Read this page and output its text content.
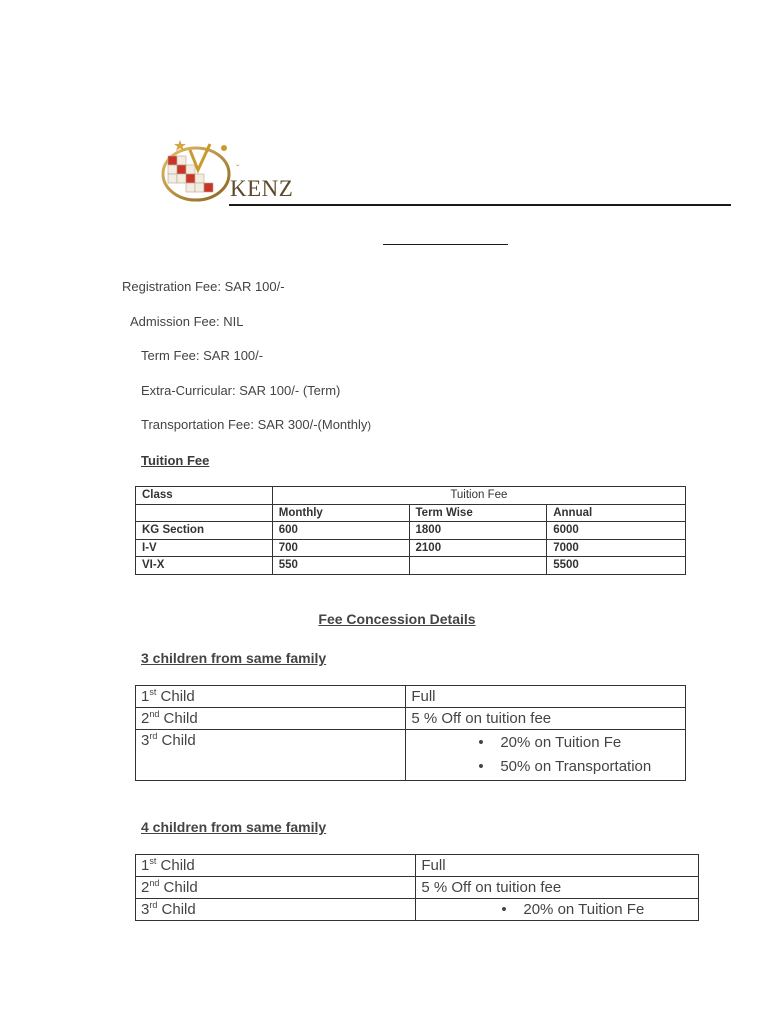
ˇ
KENZ
Registration Fee: SAR 100/-
Admission Fee: NIL
Term Fee: SAR 100/-
Extra-Curricular: SAR 100/- (Term)
Transportation Fee: SAR 300/-(Monthly)
Tuition Fee
Class	Tuition Fee		
	Monthly	Term Wise	Annual
KG Section	600	1800	6000
I-V	700	2100	7000
VI-X	550		5500
Fee Concession Details
3 children from same family
1st Child	Full
2nd Child	5 % Off on tuition fee
3rd Child	• 20% on Tuition Fe
• 50% on Transportation
4 children from same family
1st Child	Full
2nd Child	5 % Off on tuition fee
3rd Child	• 20% on Tuition Fe
